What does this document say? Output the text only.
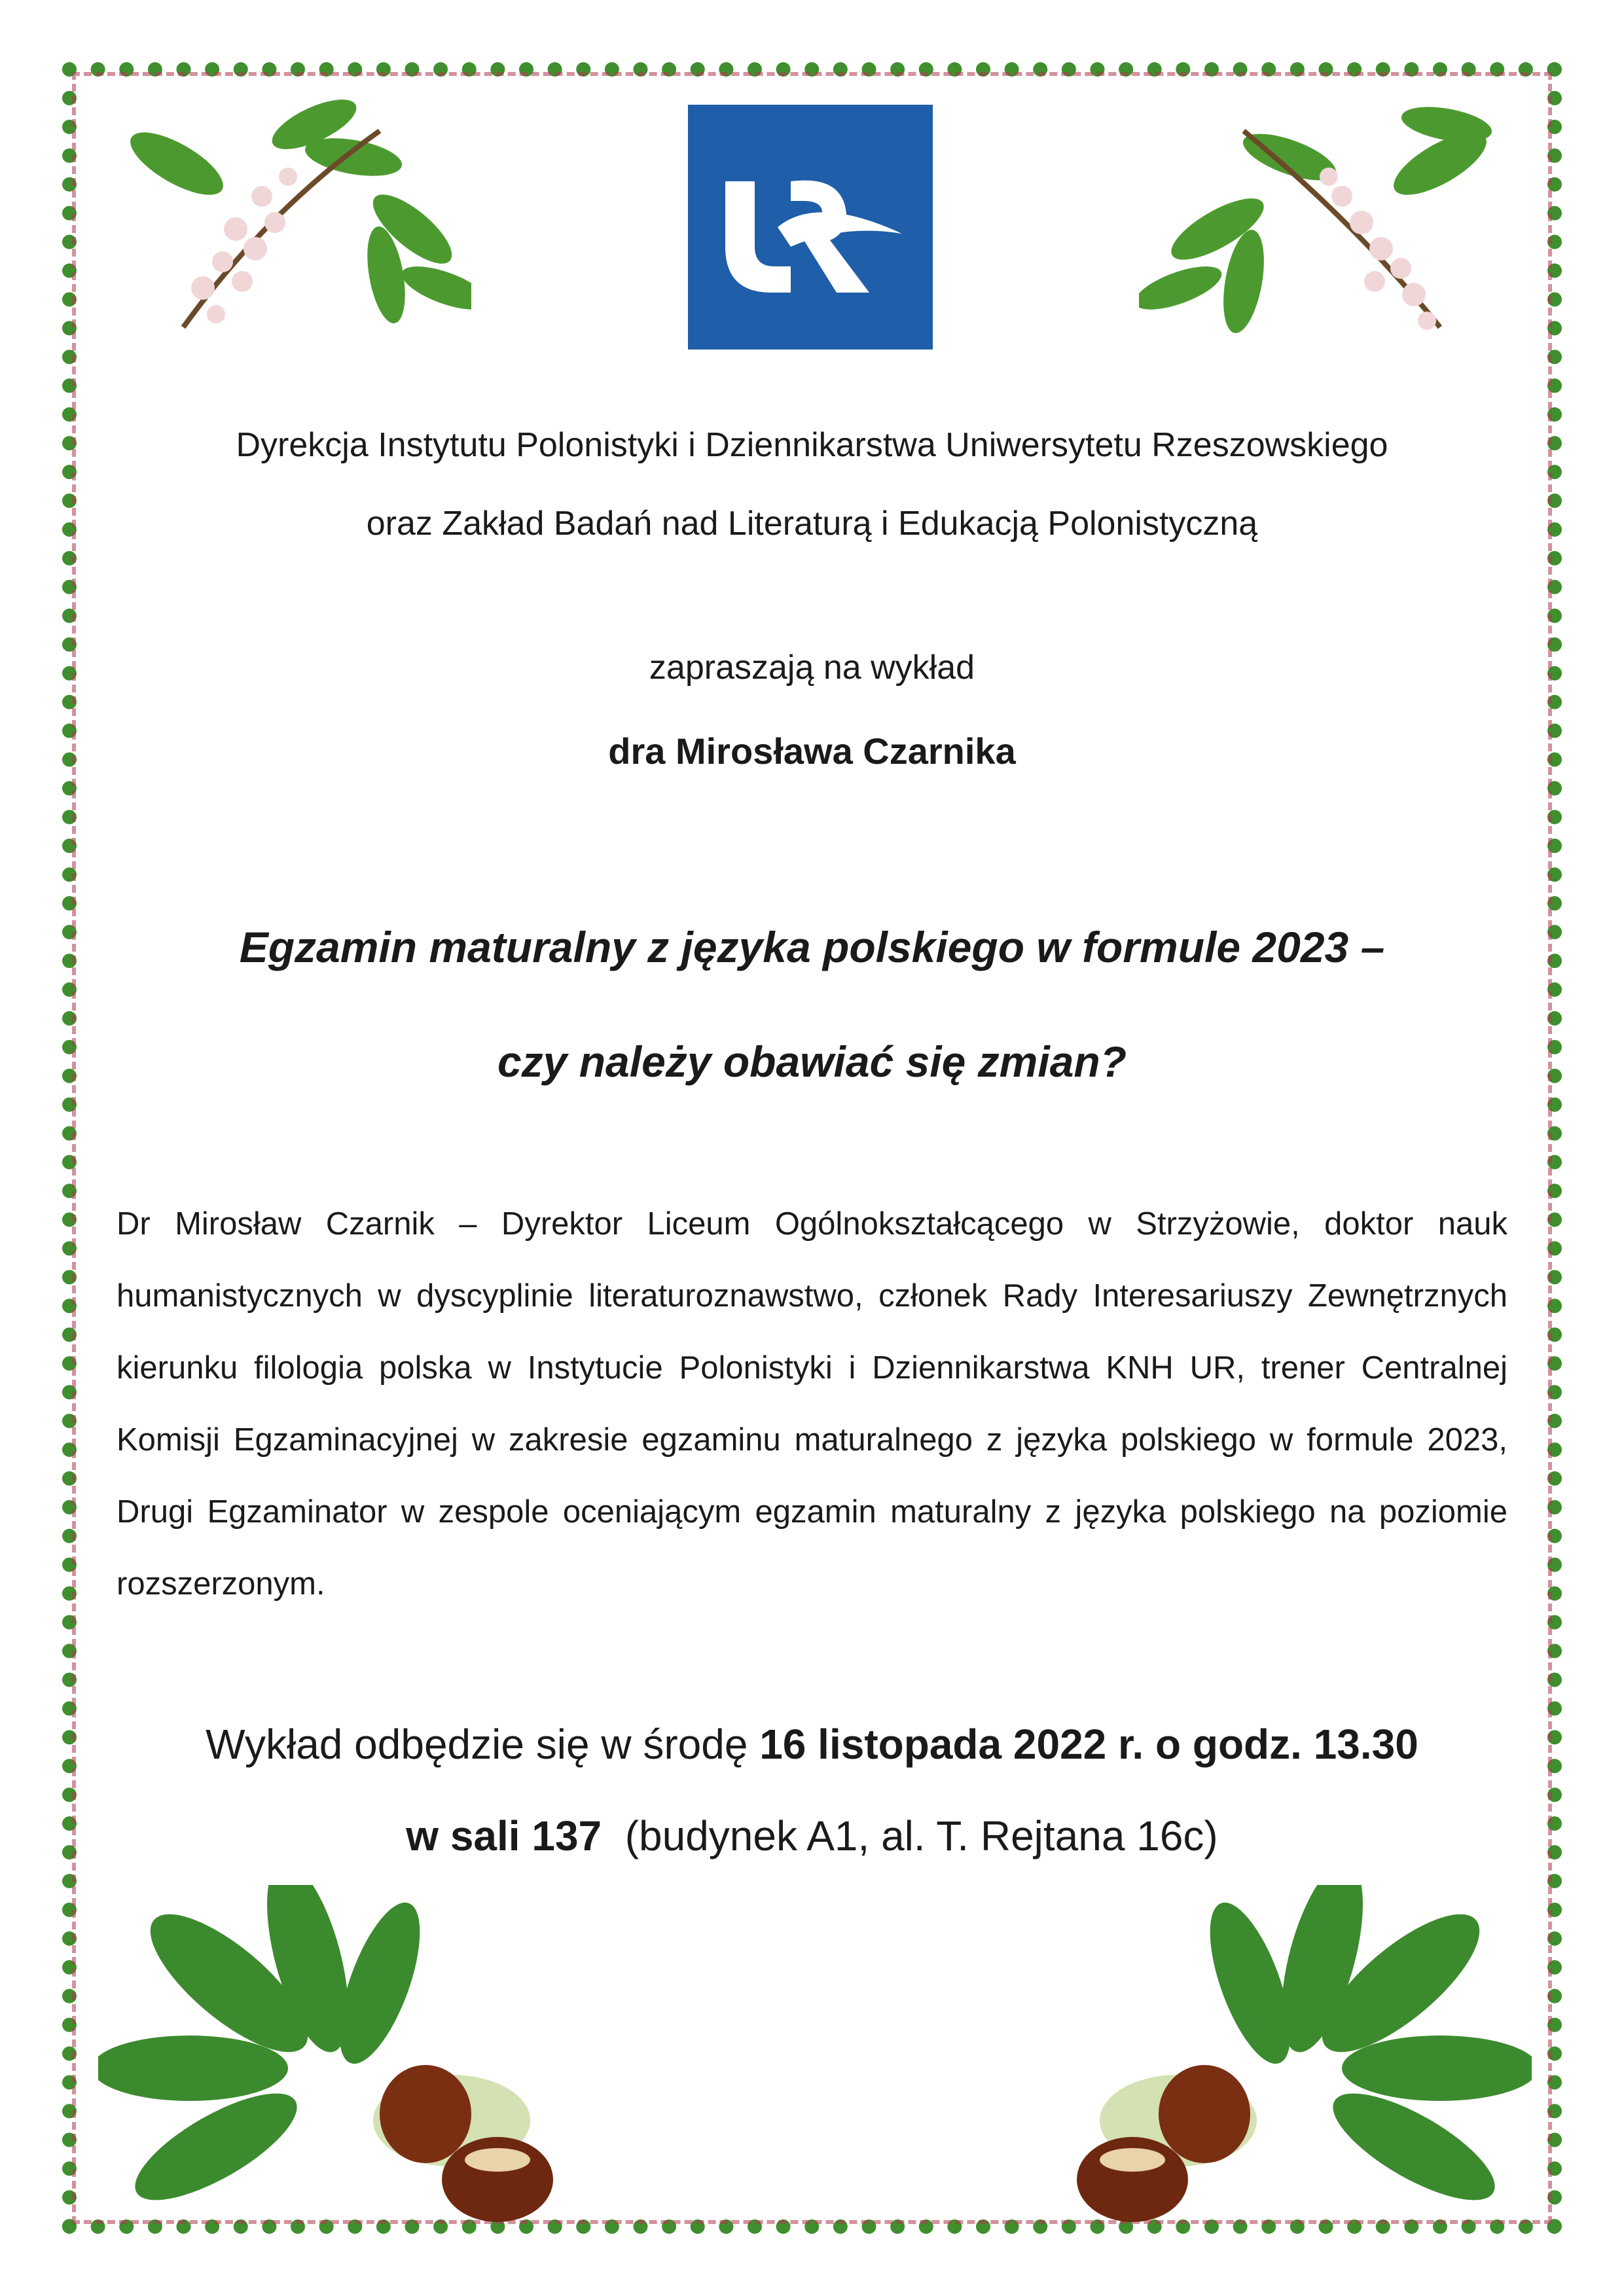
Dyrekcja Instytutu Polonistyki i Dziennikarstwa Uniwersytetu Rzeszowskiego
oraz Zakład Badań nad Literaturą i Edukacją Polonistyczną
zapraszają na wykład
dra Mirosława Czarnika
Egzamin maturalny z języka polskiego w formule 2023 –
czy należy obawiać się zmian?
Dr Mirosław Czarnik – Dyrektor Liceum Ogólnokształcącego w Strzyżowie, doktor nauk humanistycznych w dyscyplinie literaturoznawstwo, członek Rady Interesariuszy Zewnętrznych kierunku filologia polska w Instytucie Polonistyki i Dziennikarstwa KNH UR, trener Centralnej Komisji Egzaminacyjnej w zakresie egzaminu maturalnego z języka polskiego w formule 2023, Drugi Egzaminator w zespole oceniającym egzamin maturalny z języka polskiego na poziomie rozszerzonym.
Wykład odbędzie się w środę 16 listopada 2022 r. o godz. 13.30
w sali 137  (budynek A1, al. T. Rejtana 16c)
